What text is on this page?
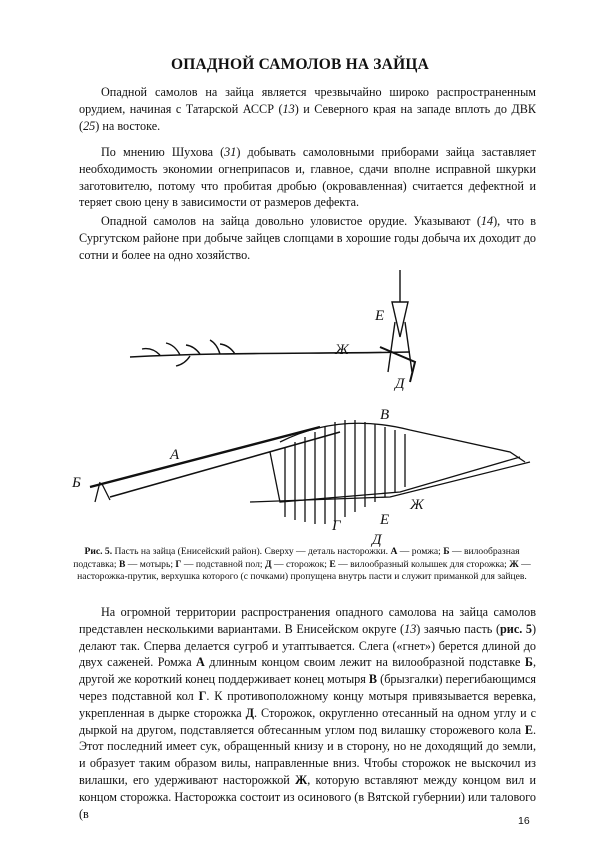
ОПАДНОЙ САМОЛОВ НА ЗАЙЦА
Опадной самолов на зайца является чрезвычайно широко распространенным орудием, начиная с Татарской АССР (13) и Северного края на западе вплоть до ДВК (25) на востоке.
По мнению Шухова (31) добывать самоловными приборами зайца заставляет необходимость экономии огнеприпасов и, главное, сдачи вполне исправной шкурки заготовителю, потому что пробитая дробью (окровавленная) считается дефектной и теряет свою цену в зависимости от размеров дефекта.
Опадной самолов на зайца довольно уловистое орудие. Указывают (14), что в Сургутском районе при добыче зайцев слопцами в хорошие годы добыча их доходит до сотни и более на одно хозяйство.
Е
Ж
Д
В
А
Б
Г	Е
Ж
Д
Рис. 5. Пасть на зайца (Енисейский район). Сверху — деталь насторожки. А — ромжа; Б — вилообразная подставка; В — мотырь; Г — подставной пол; Д — сторожок; Е — вилообразный колышек для сторожка; Ж — насторожка-прутик, верхушка которого (с почками) пропущена внутрь пасти и служит приманкой для зайцев.
На огромной территории распространения опадного самолова на зайца самолов представлен несколькими вариантами. В Енисейском округе (13) заячью пасть (рис. 5) делают так. Сперва делается сугроб и утаптывается. Слега («гнет») берется длиной до двух саженей. Ромжа А длинным концом своим лежит на вилообразной подставке Б, другой же короткий конец поддерживает конец мотыря В (брызгалки) перегибающимся через подставной кол Г. К противоположному концу мотыря привязывается веревка, укрепленная в дырке сторожка Д. Сторожок, округленно отесанный на одном углу и с дыркой на другом, подставляется обтесанным углом под вилашку сторожевого кола Е. Этот последний имеет сук, обращенный книзу и в сторону, но не доходящий до земли, и образует таким образом вилы, направленные вниз. Чтобы сторожок не выскочил из вилашки, его удерживают насторожкой Ж, которую вставляют между концом вил и концом сторожка. Насторожка состоит из осинового (в Вятской губернии) или талового (в
16
